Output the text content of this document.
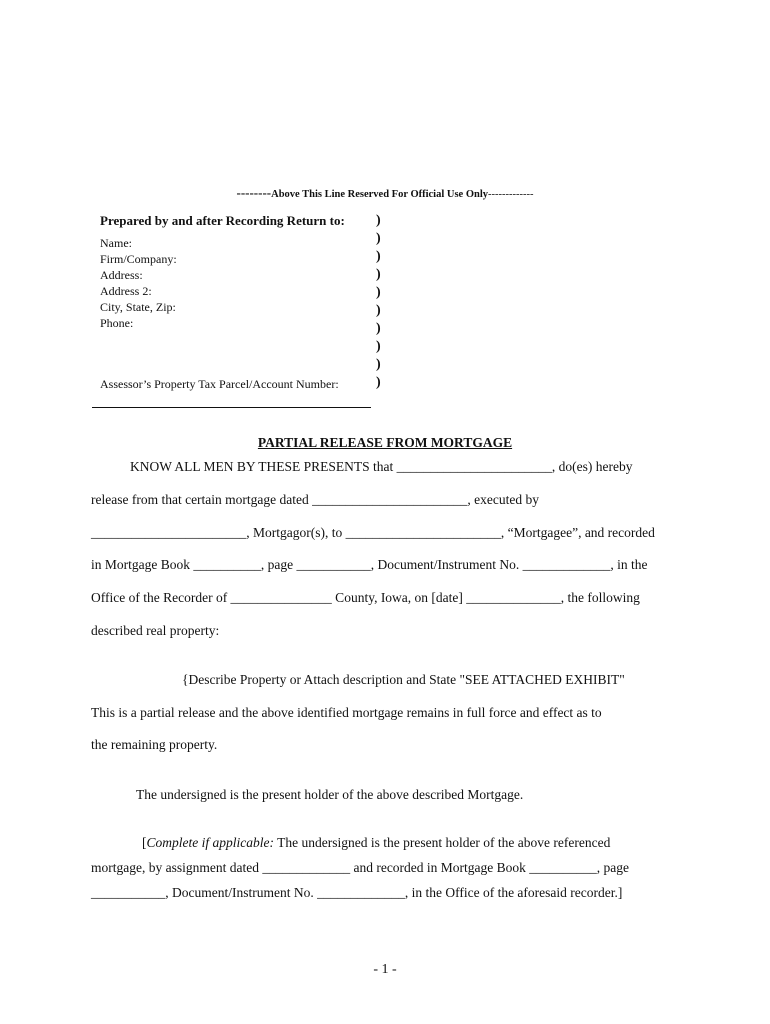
--------Above This Line Reserved For Official Use Only-------------
Prepared by and after Recording Return to:
Name:
Firm/Company:
Address:
Address 2:
City, State, Zip:
Phone:
Assessor’s Property Tax Parcel/Account Number:
)
)
)
)
)
)
)
)
)
)
PARTIAL RELEASE FROM MORTGAGE
KNOW ALL MEN BY THESE PRESENTS that _______________________, do(es) hereby
release from that certain mortgage dated _______________________, executed by
_______________________, Mortgagor(s), to _______________________, “Mortgagee”, and recorded
in Mortgage Book __________, page ___________, Document/Instrument No. _____________, in the
Office of the Recorder of _______________ County, Iowa, on [date] ______________, the following
described real property:
{Describe Property or Attach description and State "SEE ATTACHED EXHIBIT"
This is a partial release and the above identified mortgage remains in full force and effect as to
the remaining property.
The undersigned is the present holder of the above described Mortgage.
[Complete if applicable: The undersigned is the present holder of the above referenced
mortgage, by assignment dated _____________ and recorded in Mortgage Book __________, page
___________, Document/Instrument No. _____________, in the Office of the aforesaid recorder.]
- 1 -
